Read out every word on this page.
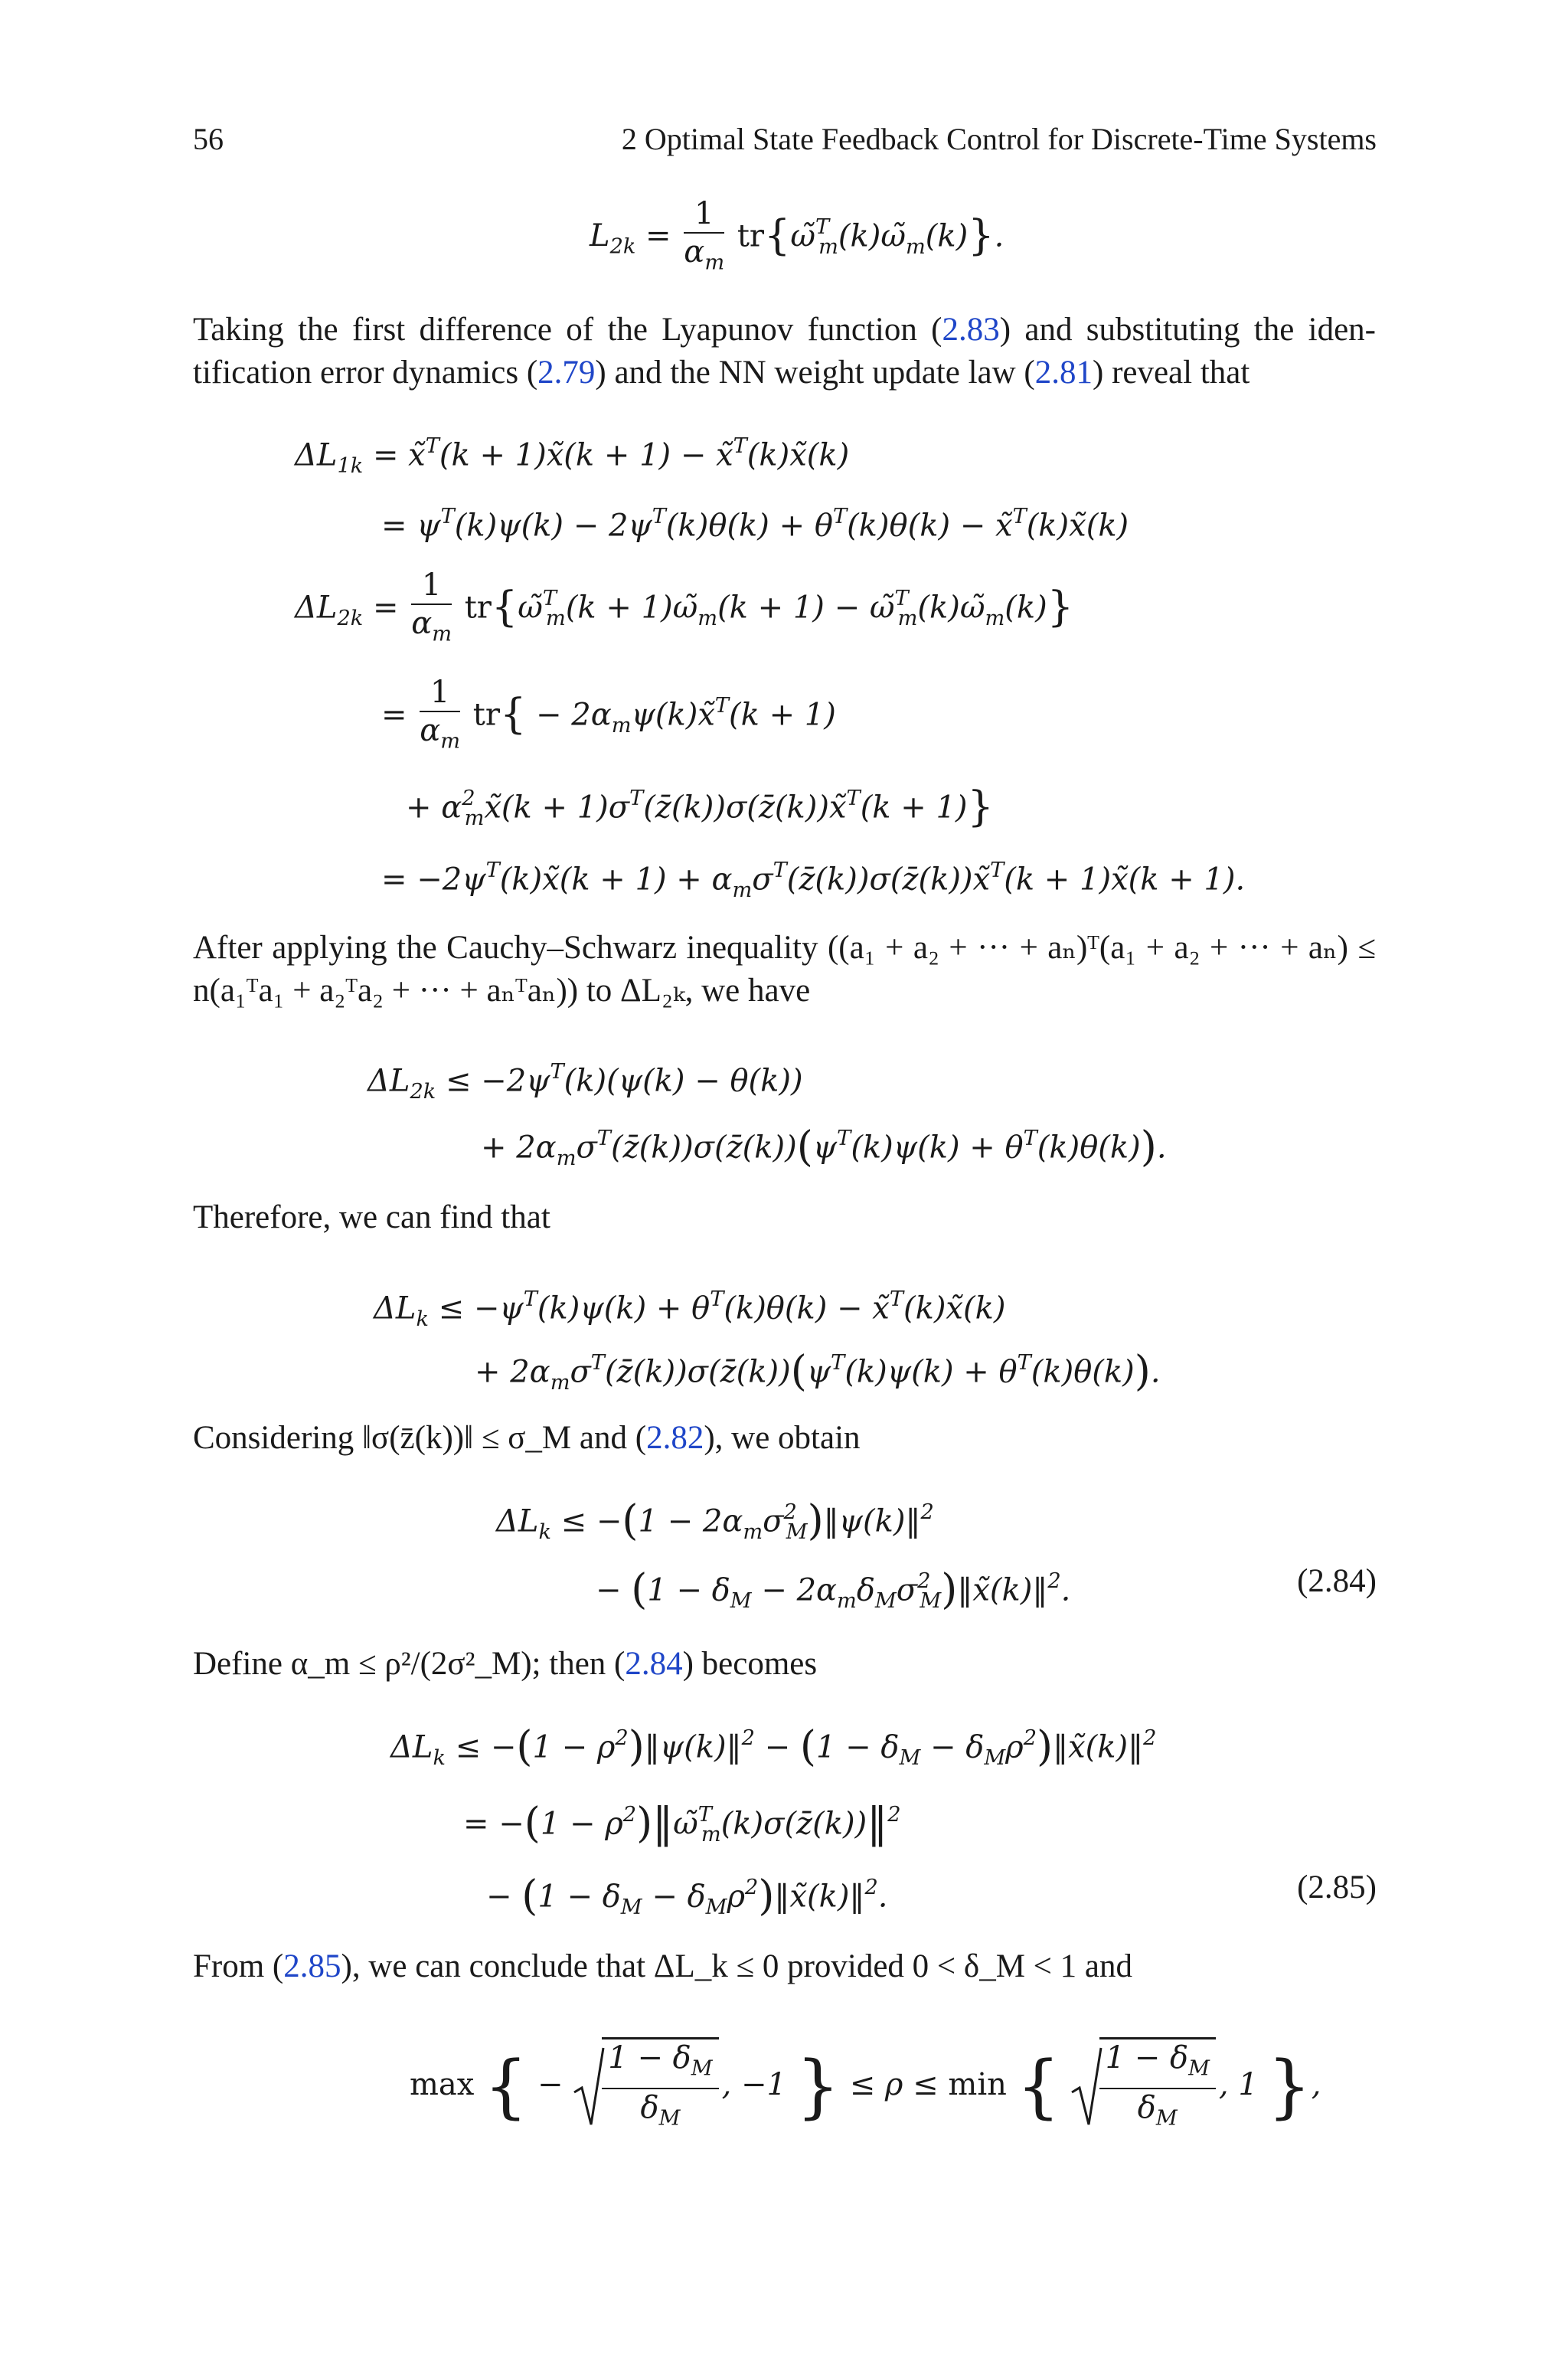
56	2 Optimal State Feedback Control for Discrete-Time Systems
$L_{2k} = \frac{1}{\alpha_m}$ $tr\{\omegã^T_m(k)\omegã_m(k)\}$.
Taking the first difference of the Lyapunov function (2.83) and substituting the iden-tification error dynamics (2.79) and the NN weight update law (2.81) reveal that
$\Delta L_{1k}$ = x̃$^T$(k + 1)x̃(k + 1) − x̃$^T$(k)x̃(k)
= $\psi^T(k)\psi(k) - 2\psi^T(k)\theta(k) + \theta^T(k)\theta(k)$ − x̃$^T$(k)x̃(k)
$\Delta L_{2k} = \frac{1}{\alpha_m}$ tr{ω̃$^T_m$(k + $1)\omegã_m(k + 1)$ − $\omegã^T_m(k)\omegã_m(k)$}
= $\frac{1}{\alpha_m} tr${ − $2\alpha_m\psi(k)x̃^T(k + 1)$
+ $\alpha^2_mx̃(k$ + $1)\sigma^T(z̄(k))\sigma(z̄(k))x̃^T(k + 1)$}
= $-2\psi^T(k)x̃(k + 1)$ + $\alpha_m\sigma^T(z̄(k))\sigma(z̄(k))x̃^T(k$ + 1)x̃(k + 1).
After applying the Cauchy–Schwarz inequality ((a₁ + a₂ + ··· + aₙ)ᵀ(a₁ + a₂ + ··· + aₙ) ≤ n(a₁ᵀa₁ + a₂ᵀa₂ + ··· + aₙᵀaₙ)) to ΔL₂ₖ, we have
$\Delta L_{2k} \le -2\psi^T(k)(\psi(k) - \theta(k))$
+ $2\alpha_m\sigma^T(z̄(k))\sigma(z̄(k))(\psi^T(k)\psi(k) + \theta^T(k)\theta(k))$.
Therefore, we can find that
$\Delta L_k \le -\psi^T(k)\psi(k) + \theta^T(k)\theta(k)$ − x̃$^T$(k)x̃(k)
+ $2\alpha_m\sigma^T(z̄(k))\sigma(z̄(k))(\psi^T(k)\psi(k) + \theta^T(k)\theta(k))$.
Considering ‖σ(z̄(k))‖ ≤ σ_M and (2.82), we obtain
$\Delta L_k \le -(1$ − $2\alpha_m\sigma^2_M)‖\psi(k)‖^2$
− ($1 - \delta_M$ − $2\alpha_m\delta_M\sigma^2_M)‖x̃(k)‖^2$.	(2.84)
Define α_m ≤ ρ²/(2σ²_M); then (2.84) becomes
$\Delta L_k \le -(1$ − $\rho^2)‖\psi(k)‖^2 - (1 - \delta_M$ − $\delta_M\rho^2)‖x̃(k)‖^2$
= $-(1 - \rho^2)‖\omegã^T_m(k)\sigma(z̄(k))‖^2$
− ($1 - \delta_M$ − $\delta_M\rho^2)‖x̃(k)‖^2$.	(2.85)
From (2.85), we can conclude that ΔL_k ≤ 0 provided 0 < δ_M < 1 and
max { − $\frac{1 - \delta_M}{\delta_M}$ , −1 } ≤ ρ ≤ min { $\frac{1 - \delta_M}{\delta_M}$ , 1 },
